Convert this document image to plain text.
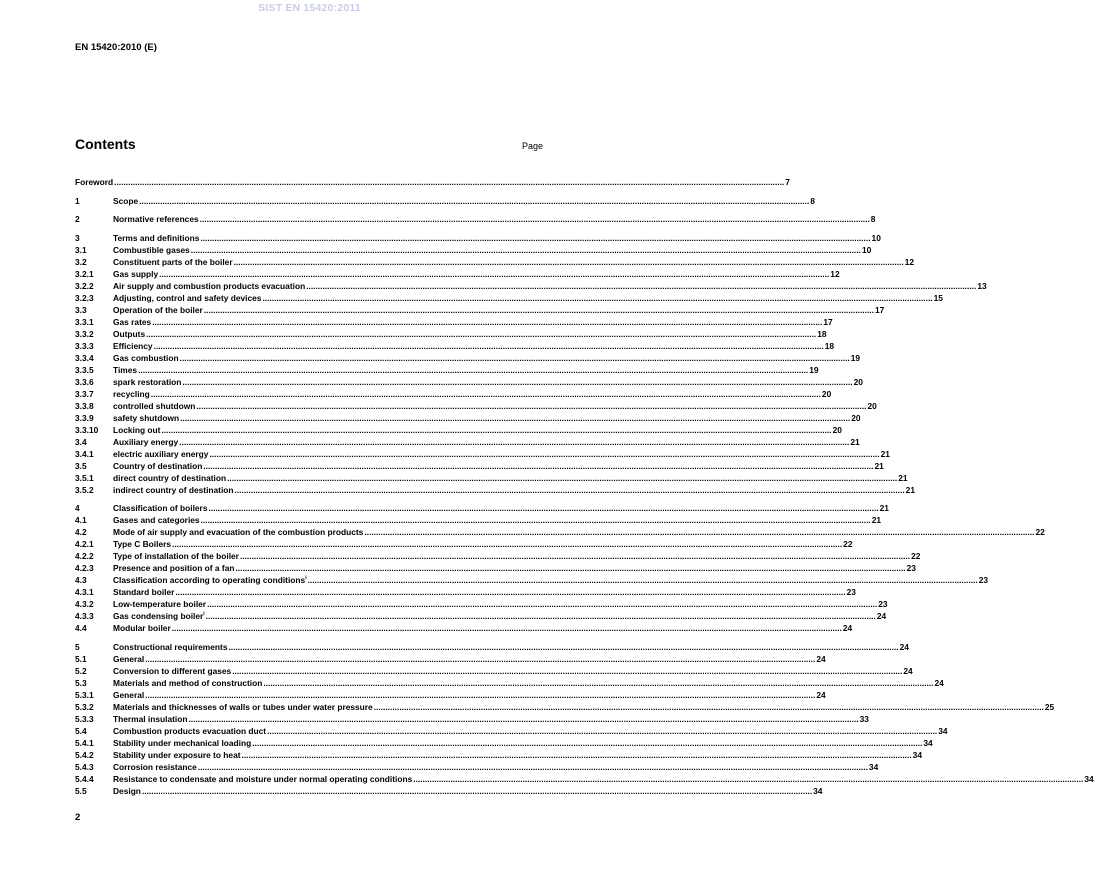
SIST EN 15420:2011
EN 15420:2010 (E)
Contents	Page
Foreword .....	7
1	Scope .....	8
2	Normative references .....	8
3	Terms and definitions .....	10
3.1	Combustible gases .....	10
3.2	Constituent parts of the boiler .....	12
3.2.1	Gas supply .....	12
3.2.2	Air supply and combustion products evacuation .....	13
3.2.3	Adjusting, control and safety devices .....	15
3.3	Operation of the boiler .....	17
3.3.1	Gas rates .....	17
3.3.2	Outputs .....	18
3.3.3	Efficiency .....	18
3.3.4	Gas combustion .....	19
3.3.5	Times .....	19
3.3.6	spark restoration .....	20
3.3.7	recycling .....	20
3.3.8	controlled shutdown .....	20
3.3.9	safety shutdown .....	20
3.3.10	Locking out .....	20
3.4	Auxiliary energy .....	21
3.4.1	electric auxiliary energy .....	21
3.5	Country of destination .....	21
3.5.1	direct country of destination .....	21
3.5.2	indirect country of destination .....	21
4	Classification of boilers .....	21
4.1	Gases and categories .....	21
4.2	Mode of air supply and evacuation of the combustion products .....	22
4.2.1	Type C Boilers .....	22
4.2.2	Type of installation of the boiler .....	22
4.2.3	Presence and position of a fan .....	23
4.3	Classification according to operating conditions$^i$ .....	23
4.3.1	Standard boiler .....	23
4.3.2	Low-temperature boiler .....	23
4.3.3	Gas condensing boiler$^i$ .....	24
4.4	Modular boiler .....	24
5	Constructional requirements .....	24
5.1	General .....	24
5.2	Conversion to different gases .....	24
5.3	Materials and method of construction .....	24
5.3.1	General .....	24
5.3.2	Materials and thicknesses of walls or tubes under water pressure .....	25
5.3.3	Thermal insulation .....	33
5.4	Combustion products evacuation duct .....	34
5.4.1	Stability under mechanical loading .....	34
5.4.2	Stability under exposure to heat .....	34
5.4.3	Corrosion resistance .....	34
5.4.4	Resistance to condensate and moisture under normal operating conditions .....	34
5.5	Design .....	34
2
